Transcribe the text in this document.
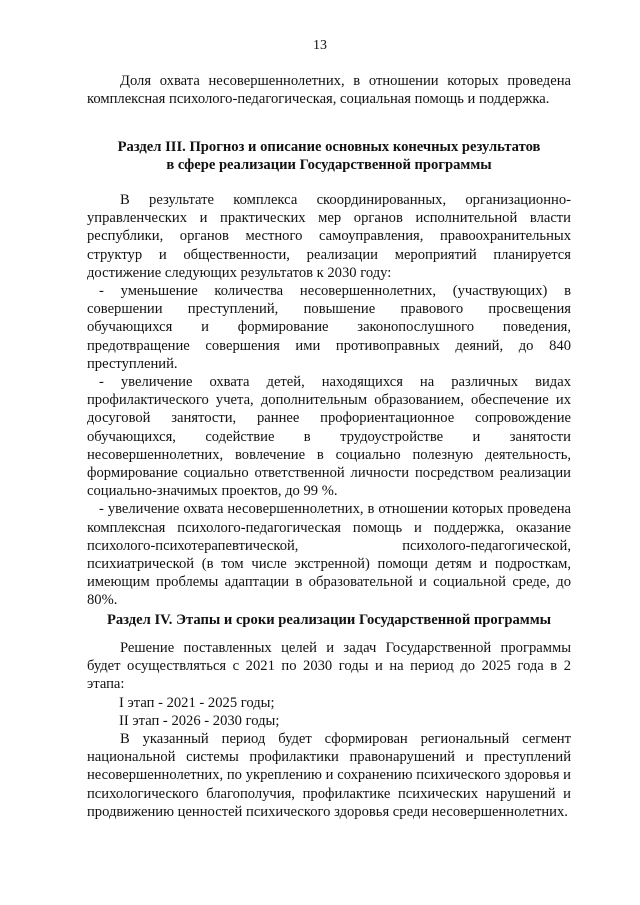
13

Доля охвата несовершеннолетних, в отношении которых проведена комплексная психолого-педагогическая, социальная помощь и поддержка.

Раздел III. Прогноз и описание основных конечных результатов

в сфере реализации Государственной программы

В результате комплекса скоординированных, организационно-управленческих и практических мер органов исполнительной власти республики, органов местного самоуправления, правоохранительных структур и общественности, реализации мероприятий планируется достижение следующих результатов к 2030 году:

- уменьшение количества несовершеннолетних, (участвующих) в совершении преступлений, повышение правового просвещения обучающихся и формирование законопослушного поведения, предотвращение совершения ими противоправных деяний, до 840 преступлений.

- увеличение охвата детей, находящихся на различных видах профилактического учета, дополнительным образованием, обеспечение их досуговой занятости, раннее профориентационное сопровождение обучающихся, содействие в трудоустройстве и занятости несовершеннолетних, вовлечение в социально полезную деятельность, формирование социально ответственной личности посредством реализации социально-значимых проектов, до 99 %.

- увеличение охвата несовершеннолетних, в отношении которых проведена комплексная психолого-педагогическая помощь и поддержка, оказание психолого-психотерапевтической, психолого-педагогической, психиатрической (в том числе экстренной) помощи детям и подросткам, имеющим проблемы адаптации в образовательной и социальной среде, до 80%.

Раздел IV. Этапы и сроки реализации Государственной программы

Решение поставленных целей и задач Государственной программы будет осуществляться с 2021 по 2030 годы и на период до 2025 года в 2 этапа:

I этап - 2021 - 2025 годы;

II этап - 2026 - 2030 годы;

В указанный период будет сформирован региональный сегмент национальной системы профилактики правонарушений и преступлений несовершеннолетних, по укреплению и сохранению психического здоровья и психологического благополучия, профилактике психических нарушений и продвижению ценностей психического здоровья среди несовершеннолетних.
